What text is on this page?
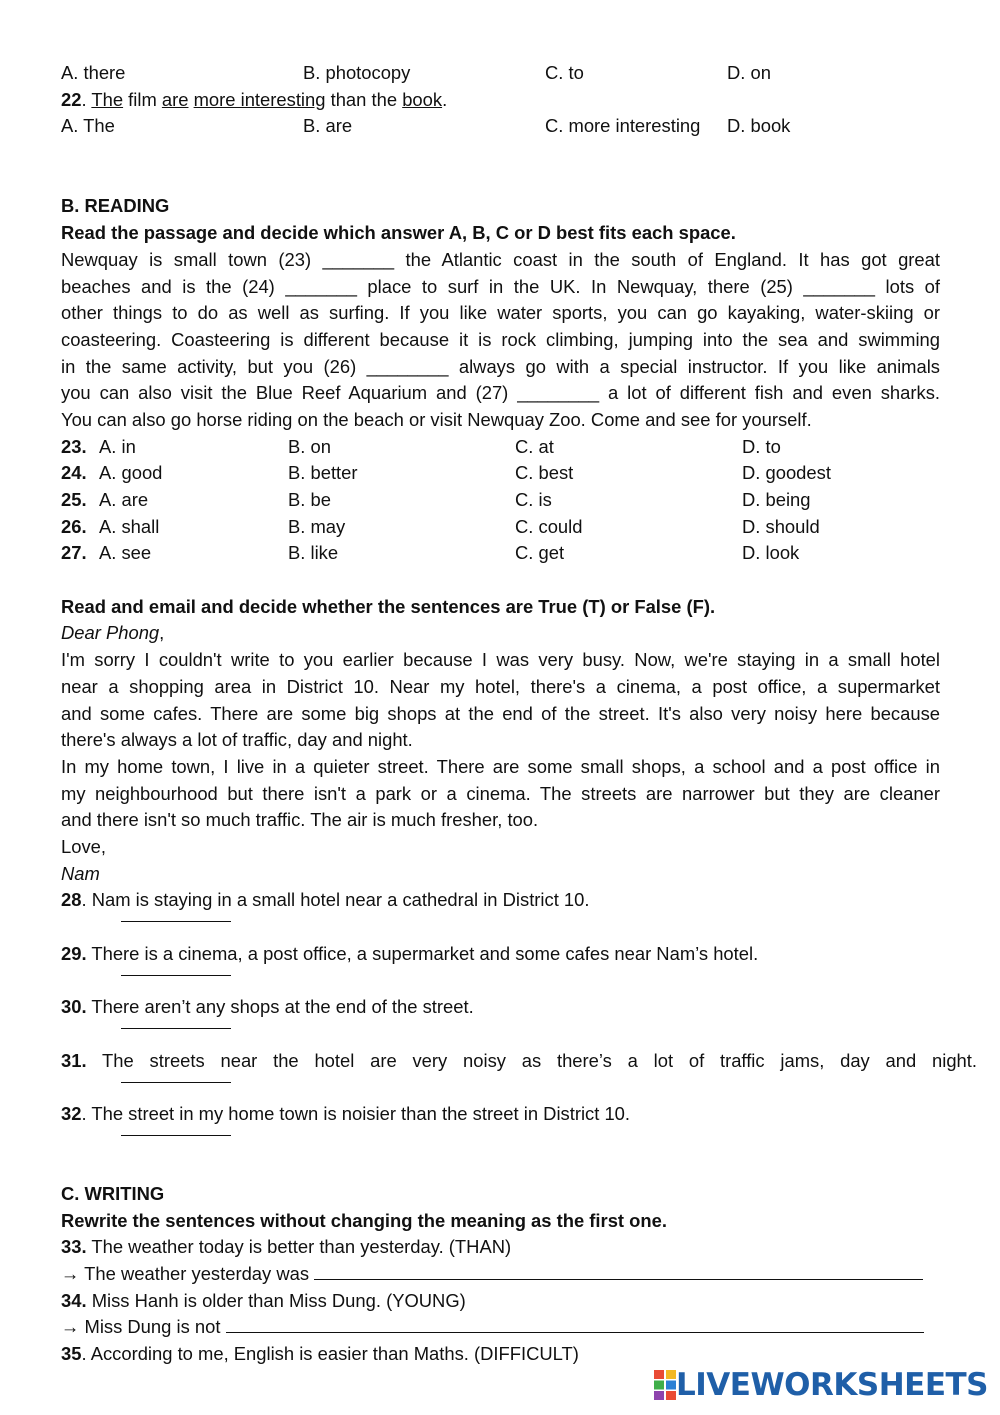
A. there	B. photocopy	C. to	D. on
22. The film are more interesting than the book.
A. The	B. are	C. more interesting D. book
B. READING
Read the passage and decide which answer A, B, C or D best fits each space.
Newquay is small town (23) _______ the Atlantic coast in the south of England. It has got great
beaches and is the (24) _______ place to surf in the UK. In Newquay, there (25) _______ lots of
other things to do as well as surfing. If you like water sports, you can go kayaking, water-skiing or
coasteering. Coasteering is different because it is rock climbing, jumping into the sea and swimming
in the same activity, but you (26) ________ always go with a special instructor. If you like animals
you can also visit the Blue Reef Aquarium and (27) ________ a lot of different fish and even sharks.
You can also go horse riding on the beach or visit Newquay Zoo. Come and see for yourself.
23. A. in	B. on	C. at	D. to
24. A. good	B. better	C. best	D. goodest
25. A. are	B. be	C. is	D. being
26. A. shall	B. may	C. could	D. should
27. A. see	B. like	C. get	D. look
Read and email and decide whether the sentences are True (T) or False (F).
Dear Phong,
I'm sorry I couldn't write to you earlier because I was very busy. Now, we're staying in a small hotel
near a shopping area in District 10. Near my hotel, there's a cinema, a post office, a supermarket
and some cafes. There are some big shops at the end of the street. It's also very noisy here because
there's always a lot of traffic, day and night.
In my home town, I live in a quieter street. There are some small shops, a school and a post office in
my neighbourhood but there isn't a park or a cinema. The streets are narrower but they are cleaner
and there isn't so much traffic. The air is much fresher, too.
Love,
Nam
28. Nam is staying in a small hotel near a cathedral in District 10.
29. There is a cinema, a post office, a supermarket and some cafes near Nam’s hotel.
30. There aren’t any shops at the end of the street.
31. The streets near the hotel are very noisy as there’s a lot of traffic jams, day and night.
32. The street in my home town is noisier than the street in District 10.
C. WRITING
Rewrite the sentences without changing the meaning as the first one.
33. The weather today is better than yesterday. (THAN)
→ The weather yesterday was
34. Miss Hanh is older than Miss Dung. (YOUNG)
→ Miss Dung is not
35. According to me, English is easier than Maths. (DIFFICULT)
LIVEWORKSHEETS
